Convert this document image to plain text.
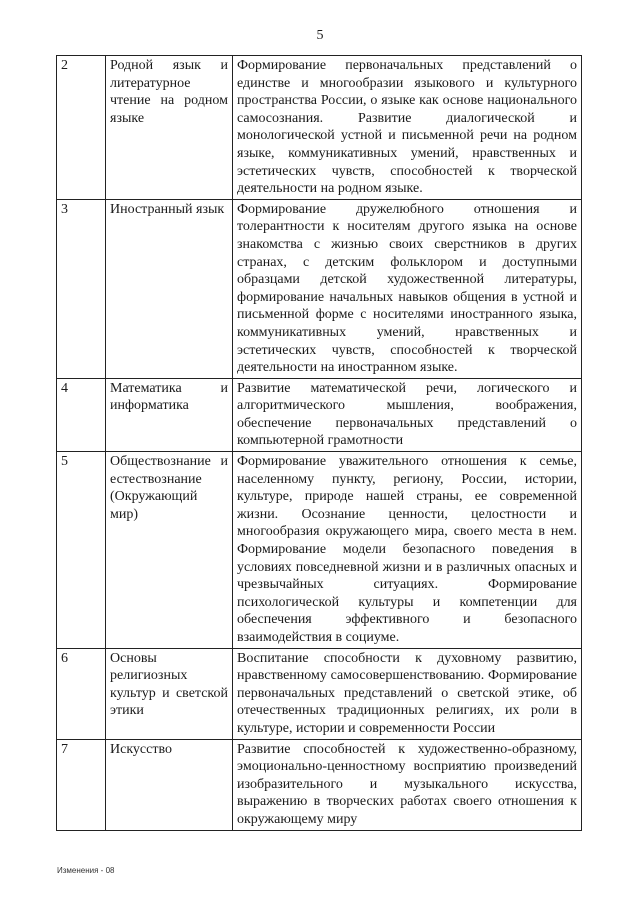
5
2	Родной язык и литературное чтение на родном языке	Формирование первоначальных представлений о единстве и многообразии языкового и культурного пространства России, о языке как основе национального самосознания. Развитие диалогической и монологической устной и письменной речи на родном языке, коммуникативных умений, нравственных и эстетических чувств, способностей к творческой деятельности на родном языке.
3	Иностранный язык	Формирование дружелюбного отношения и толерантности к носителям другого языка на основе знакомства с жизнью своих сверстников в других странах, с детским фольклором и доступными образцами детской художественной литературы, формирование начальных навыков общения в устной и письменной форме с носителями иностранного языка, коммуникативных умений, нравственных и эстетических чувств, способностей к творческой деятельности на иностранном языке.
4	Математика и информатика	Развитие математической речи, логического и алгоритмического мышления, воображения, обеспечение первоначальных представлений о компьютерной грамотности
5	Обществознание и естествознание (Окружающий мир)	Формирование уважительного отношения к семье, населенному пункту, региону, России, истории, культуре, природе нашей страны, ее современной жизни. Осознание ценности, целостности и многообразия окружающего мира, своего места в нем. Формирование модели безопасного поведения в условиях повседневной жизни и в различных опасных и чрезвычайных ситуациях. Формирование психологической культуры и компетенции для обеспечения эффективного и безопасного взаимодействия в социуме.
6	Основы религиозных культур и светской этики	Воспитание способности к духовному развитию, нравственному самосовершенствованию. Формирование первоначальных представлений о светской этике, об отечественных традиционных религиях, их роли в культуре, истории и современности России
7	Искусство	Развитие способностей к художественно-образному, эмоционально-ценностному восприятию произведений изобразительного и музыкального искусства, выражению в творческих работах своего отношения к окружающему миру
Изменения - 08
